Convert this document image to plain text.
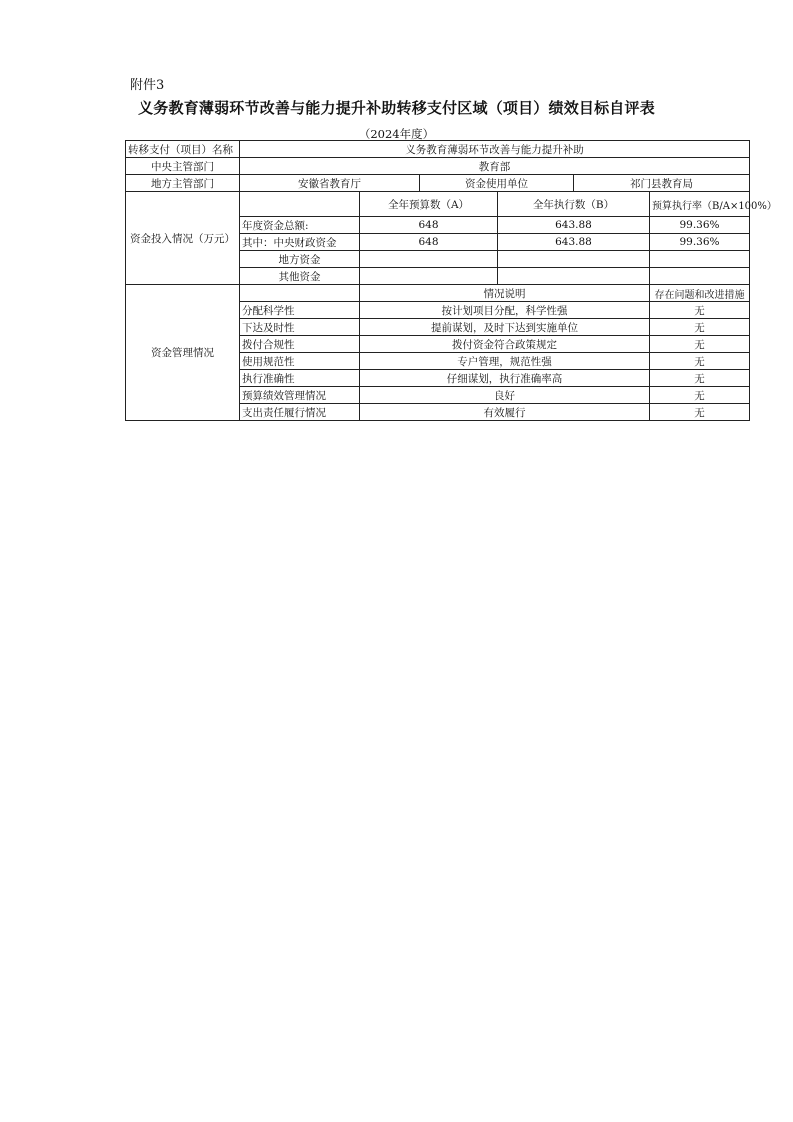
附件3
义务教育薄弱环节改善与能力提升补助转移支付区域（项目）绩效目标自评表
（2024年度）
转移支付（项目）名称	义务教育薄弱环节改善与能力提升补助					
中央主管部门	教育部					
地方主管部门	安徽省教育厅		资金使用单位		祁门县教育局	
资金投入情况（万元）		全年预算数（A）		全年执行数（B）		预算执行率（B/A×100%）
	年度资金总额:	648		643.88		99.36%
	其中：中央财政资金	648		643.88		99.36%
	地方资金					
	其他资金					
资金管理情况		情况说明				存在问题和改进措施
	分配科学性	按计划项目分配，科学性强				无
	下达及时性	提前谋划，及时下达到实施单位				无
	拨付合规性	拨付资金符合政策规定				无
	使用规范性	专户管理，规范性强				无
	执行准确性	仔细谋划，执行准确率高				无
	预算绩效管理情况	良好				无
	支出责任履行情况	有效履行				无
